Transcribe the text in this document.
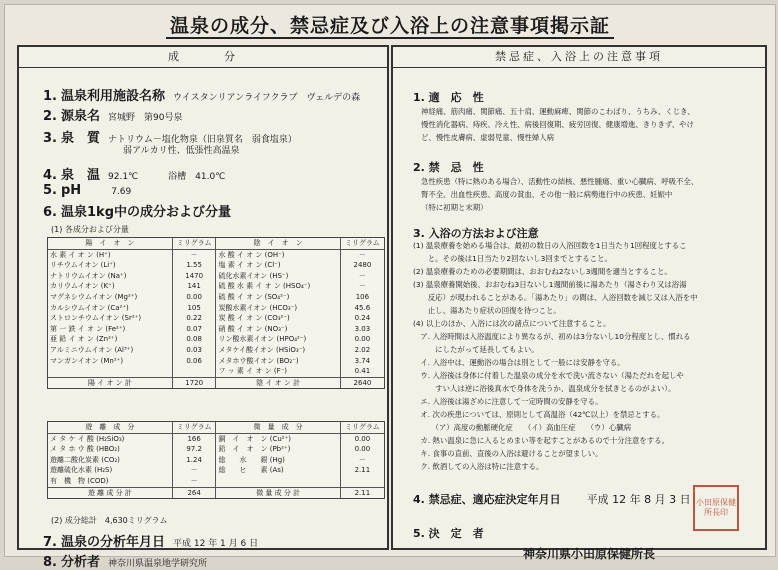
温泉の成分、禁忌症及び入浴上の注意事項掲示証
成　　　分
1. 温泉利用施設名称 ウイスタンリアンライフクラブ　ヴェルデの森
2. 源泉名 宮城野　第90号泉
3. 泉　質 ナトリウム－塩化物泉（旧泉質名　弱食塩泉）
弱アルカリ性、低張性高温泉
4. 泉　温 92.1℃	浴槽　41.0℃
5. pH	7.69
6. 温泉1kg中の成分および分量
(1) 各成分および分量
陽　イ　オ　ン	ミリグラム	陰　イ　オ　ン	ミリグラム
水 素 イ オ ン (H⁺)	－	水 酸 イ オ ン (OH⁻)	－
リチウムイオン (Li⁺)	1.55	塩 素 イ オ ン (Cl⁻)	2480
ナトリウムイオン (Na⁺)	1470	硫化水素イオン (HS⁻)	－
カリウムイオン (K⁺)	141	硫 酸 水 素 イ オ ン (HSO₄⁻)	－
マグネシウムイオン (Mg²⁺)	0.00	硫 酸 イ オ ン (SO₄²⁻)	106
カルシウムイオン (Ca²⁺)	105	炭酸水素イオン (HCO₃⁻)	45.6
ストロンチウムイオン (Sr²⁺)	0.22	炭 酸 イ オ ン (CO₃²⁻)	0.24
第 一 鉄 イ オ ン (Fe²⁺)	0.07	硝 酸 イ オ ン (NO₃⁻)	3.03
亜 鉛 イ オ ン (Zn²⁺)	0.08	リン酸水素イオン (HPO₄²⁻)	0.00
アルミニウムイオン (Al³⁺)	0.03	メタケイ酸イオン (HSiO₃⁻)	2.02
マンガンイオン (Mn²⁺)	0.06	メタホウ酸イオン (BO₂⁻)	3.74
		フ ッ 素 イ オ ン (F⁻)	0.41
陽 イ オ ン 計	1720	陰 イ オ ン 計	2640
遊　離　成　分	ミリグラム	微　量　成　分	ミリグラム
メ タ ケ イ 酸 (H₂SiO₃)	166	銅　イ　オ　ン (Cu²⁺)	0.00
メ タ ホ ウ 酸 (HBO₂)	97.2	鉛　イ　オ　ン (Pb²⁺)	0.00
遊離二酸化炭素 (CO₂)	1.24	総　　水　　銀 (Hg)	－
遊離硫化水素 (H₂S)	－	総　　ヒ　　素 (As)	2.11
有　機　物 (COD)	－		
遊 離 成 分 計	264	微 量 成 分 計	2.11
(2) 成分総計　4,630ミリグラム
7. 温泉の分析年月日 平成 12 年 1 月 6 日
8. 分析者 神奈川県温泉地学研究所
禁忌症、入浴上の注意事項
1. 適　応　性
神経痛、筋肉痛、関節痛、五十肩、運動麻痺、関節のこわばり、うちみ、くじき、
慢性消化器病、痔疾、冷え性、病後回復期、疲労回復、健康増進、きりきず、やけ
ど、慢性皮膚病、虚弱児童、慢性婦人病
2. 禁　忌　性
急性疾患（特に熱のある場合）、活動性の結核、悪性腫瘍、重い心臓病、呼吸不全、
腎不全、出血性疾患、高度の貧血、その他一般に病勢進行中の疾患、妊娠中
（特に初期と末期）
3. 入浴の方法および注意
(1) 温泉療養を始める場合は、最初の数日の入浴回数を1日当たり1回程度とするこ
　　と。その後は1日当たり2回ないし3回までとすること。
(2) 温泉療養のための必要期間は、おおむね2ないし3週間を適当とすること。
(3) 温泉療養開始後、おおむね3日ないし1週間前後に湯あたり（湯さわり又は浴湯
　　反応）が現われることがある。「湯あたり」の間は、入浴回数を減じ又は入浴を中
　　止し、湯あたり症状の回復を待つこと。
(4) 以上のほか、入浴には次の諸点について注意すること。
　ア. 入浴時間は入浴温度により異なるが、初めは3分ないし10分程度とし、慣れる
　　　にしたがって延長してもよい。
　イ. 入浴中は、運動浴の場合は別として一般には安静を守る。
　ウ. 入浴後は身体に付着した温泉の成分を水で洗い流さない（湯ただれを起しや
　　　すい人は逆に浴後真水で身体を洗うか、温泉成分を拭きとるのがよい）。
　エ. 入浴後は湯ざめに注意して一定時間の安静を守る。
　オ. 次の疾患については、原則として高温浴（42℃以上）を禁忌とする。
　　　（ア）高度の動脈硬化症　　（イ）高血圧症　　（ウ）心臓病
　カ. 熱い温泉に急に入るとめまい等を起すことがあるので十分注意をする。
　キ. 食事の直前、直後の入浴は避けることが望ましい。
　ク. 飲酒しての入浴は特に注意する。
4. 禁忌症、適応症決定年月日 平成 12 年 8 月 3 日
5. 決　定　者
神奈川県小田原保健所長
小田原保健所長印
